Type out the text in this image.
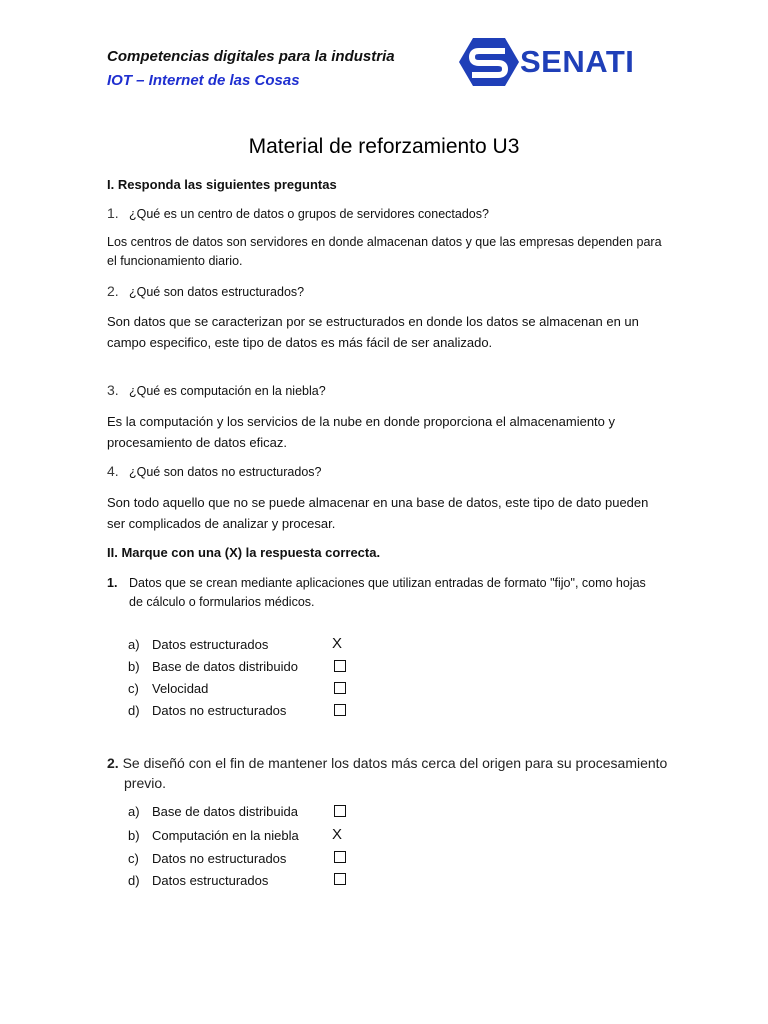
Competencias digitales para la industria
IOT – Internet de las Cosas
SENATI
Material de reforzamiento U3
I. Responda las siguientes preguntas
1. ¿Qué es un centro de datos o grupos de servidores conectados?
Los centros de datos son servidores en donde almacenan datos y que las empresas dependen para el funcionamiento diario.
2. ¿Qué son datos estructurados?
Son datos que se caracterizan por se estructurados en donde los datos se almacenan en un campo especifico, este tipo de datos es más fácil de ser analizado.
3. ¿Qué es computación en la niebla?
Es la computación y los servicios de la nube en donde proporciona el almacenamiento y procesamiento de datos eficaz.
4. ¿Qué son datos no estructurados?
Son todo aquello que no se puede almacenar en una base de datos, este tipo de dato pueden ser complicados de analizar y procesar.
II. Marque con una (X) la respuesta correcta.
1. Datos que se crean mediante aplicaciones que utilizan entradas de formato "fijo", como hojas
de cálculo o formularios médicos.
a) Datos estructurados	X
b) Base de datos distribuido
c) Velocidad
d) Datos no estructurados
2. Se diseñó con el fin de mantener los datos más cerca del origen para su procesamiento
previo.
a) Base de datos distribuida
b) Computación en la niebla X
c) Datos no estructurados
d) Datos estructurados
